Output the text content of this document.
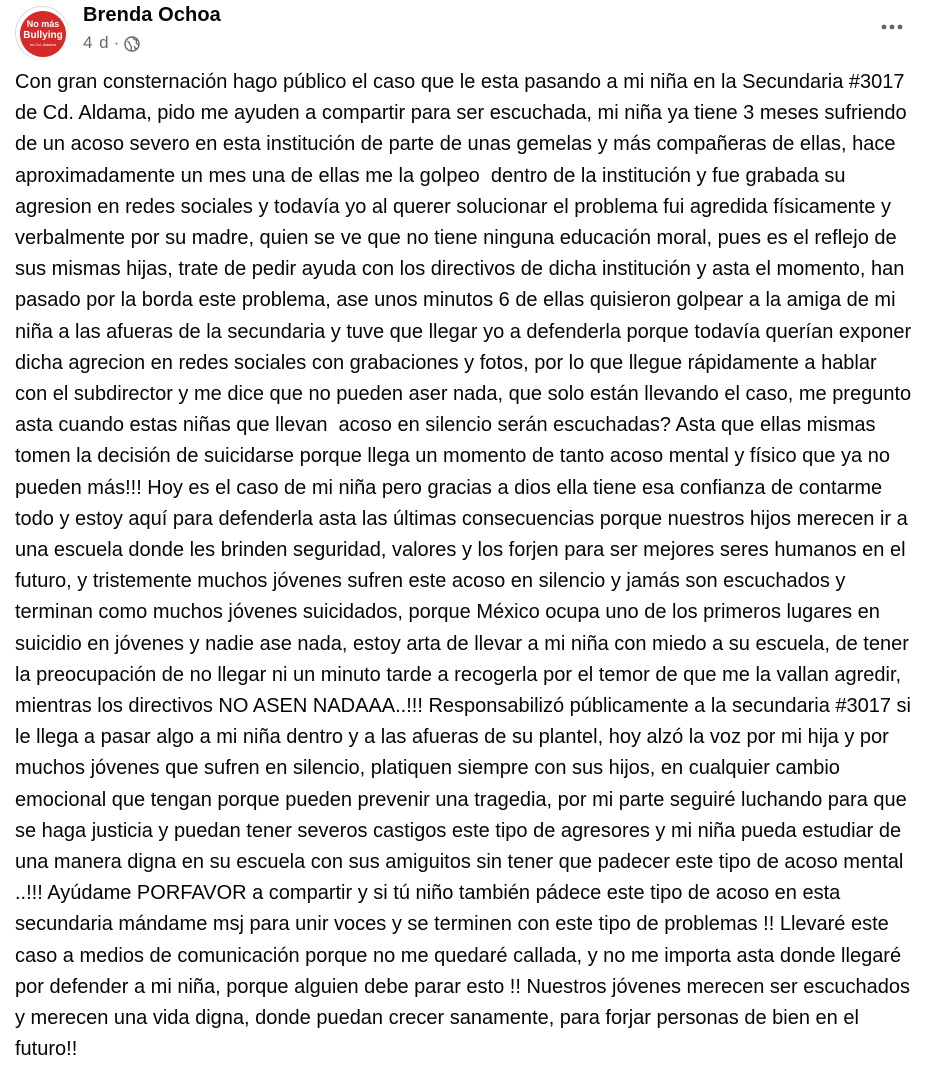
No más
Bullying
en Cd. Aldama
Brenda Ochoa
4 d ·
Con gran consternación hago público el caso que le esta pasando a mi niña en la Secundaria #3017  de Cd. Aldama, pido me ayuden a compartir para ser escuchada, mi niña ya tiene 3 meses sufriendo de un acoso severo en esta institución de parte de unas gemelas y más compañeras de ellas, hace aproximadamente un mes una de ellas me la golpeo  dentro de la institución y fue grabada su agresion en redes sociales y todavía yo al querer solucionar el problema fui agredida físicamente y verbalmente por su madre, quien se ve que no tiene ninguna educación moral, pues es el reflejo de sus mismas hijas, trate de pedir ayuda con los directivos de dicha institución y asta el momento, han pasado por la borda este problema, ase unos minutos 6 de ellas quisieron golpear a la amiga de mi niña a las afueras de la secundaria y tuve que llegar yo a defenderla porque todavía querían exponer dicha agrecion en redes sociales con grabaciones y fotos, por lo que llegue rápidamente a hablar con el subdirector y me dice que no pueden aser nada, que solo están llevando el caso, me pregunto asta cuando estas niñas que llevan  acoso en silencio serán escuchadas? Asta que ellas mismas tomen la decisión de suicidarse porque llega un momento de tanto acoso mental y físico que ya no pueden más!!! Hoy es el caso de mi niña pero gracias a dios ella tiene esa confianza de contarme todo y estoy aquí para defenderla asta las últimas consecuencias porque nuestros hijos merecen ir a una escuela donde les brinden seguridad, valores y los forjen para ser mejores seres humanos en el futuro, y tristemente muchos jóvenes sufren este acoso en silencio y jamás son escuchados y terminan como muchos jóvenes suicidados, porque México ocupa uno de los primeros lugares en suicidio en jóvenes y nadie ase nada, estoy arta de llevar a mi niña con miedo a su escuela, de tener la preocupación de no llegar ni un minuto tarde a recogerla por el temor de que me la vallan agredir, mientras los directivos NO ASEN NADAAA..!!! Responsabilizó públicamente a la secundaria #3017 si le llega a pasar algo a mi niña dentro y a las afueras de su plantel, hoy alzó la voz por mi hija y por muchos jóvenes que sufren en silencio, platiquen siempre con sus hijos, en cualquier cambio emocional que tengan porque pueden prevenir una tragedia, por mi parte seguiré luchando para que se haga justicia y puedan tener severos castigos este tipo de agresores y mi niña pueda estudiar de una manera digna en su escuela con sus amiguitos sin tener que padecer este tipo de acoso mental ..!!! Ayúdame PORFAVOR a compartir y si tú niño también pádece este tipo de acoso en esta secundaria mándame msj para unir voces y se terminen con este tipo de problemas !! Llevaré este caso a medios de comunicación porque no me quedaré callada, y no me importa asta donde llegaré por defender a mi niña, porque alguien debe parar esto !! Nuestros jóvenes merecen ser escuchados y merecen una vida digna, donde puedan crecer sanamente, para forjar personas de bien en el futuro!!
